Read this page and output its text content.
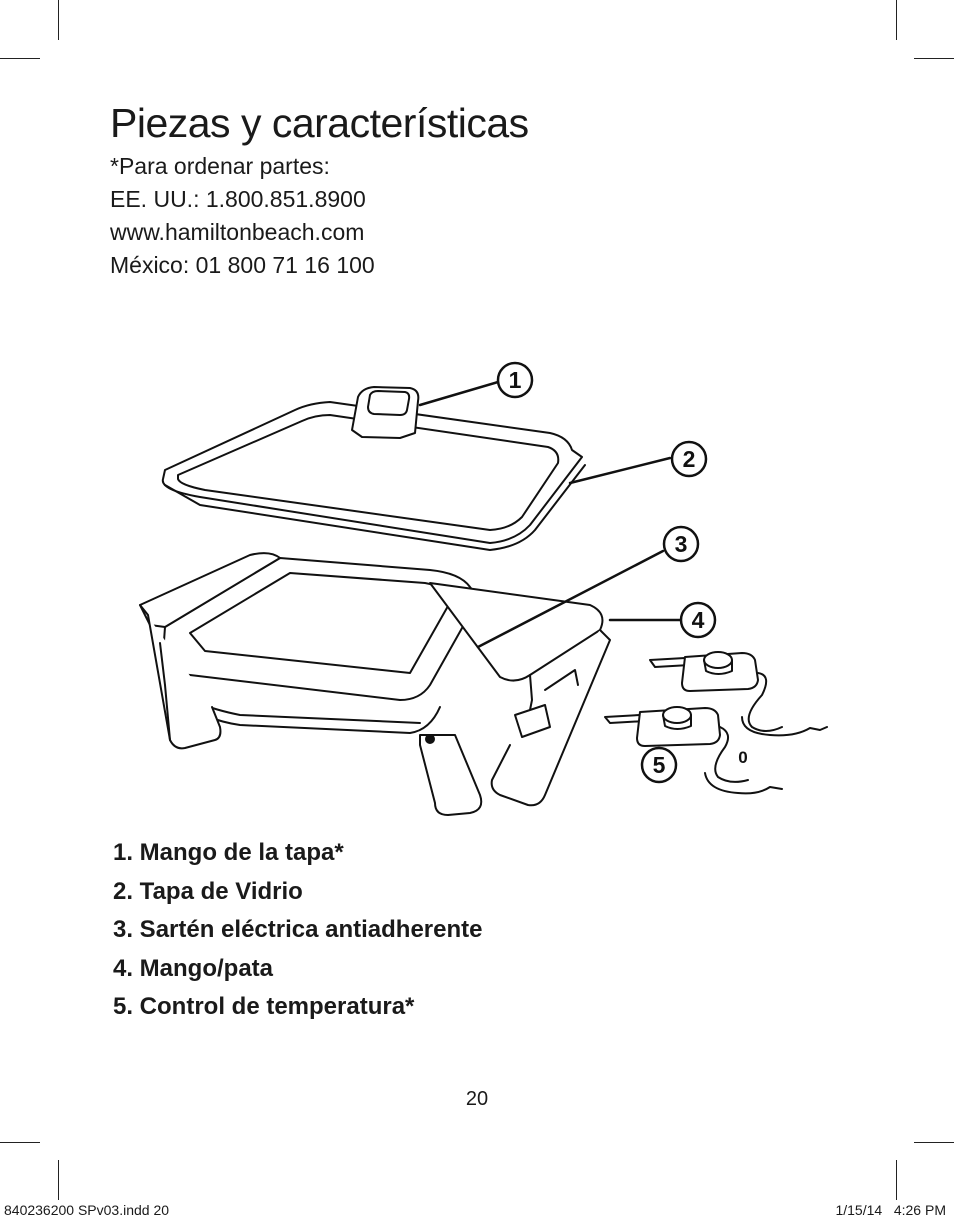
Piezas y características
*Para ordenar partes:
EE. UU.: 1.800.851.8900
www.hamiltonbeach.com
México: 01 800 71 16 100
1
2
3
4
5	0
1. Mango de la tapa*
2. Tapa de Vidrio
3. Sartén eléctrica antiadherente
4. Mango/pata
5. Control de temperatura*
20
840236200 SPv03.indd 20	1/15/14   4:26 PM
